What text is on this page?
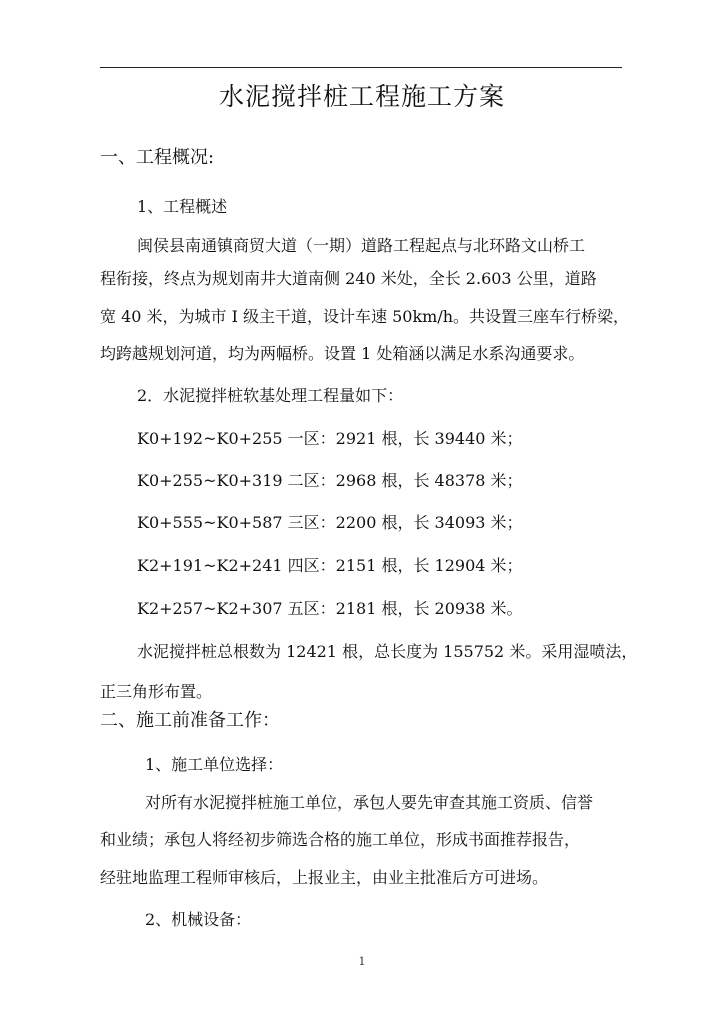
水泥搅拌桩工程施工方案
一、工程概况:
1、工程概述
闽侯县南通镇商贸大道（一期）道路工程起点与北环路文山桥工
程衔接，终点为规划南井大道南侧 240 米处，全长 2.603 公里，道路
宽 40 米，为城市 I 级主干道，设计车速 50km/h。共设置三座车行桥梁，
均跨越规划河道，均为两幅桥。设置 1 处箱涵以满足水系沟通要求。
2．水泥搅拌桩软基处理工程量如下：
K0+192~K0+255 一区：2921 根，长 39440 米；
K0+255~K0+319 二区：2968 根，长 48378 米；
K0+555~K0+587 三区：2200 根，长 34093 米；
K2+191~K2+241 四区：2151 根，长 12904 米；
K2+257~K2+307 五区：2181 根，长 20938 米。
水泥搅拌桩总根数为 12421 根，总长度为 155752 米。采用湿喷法，
正三角形布置。
二、施工前准备工作：
1、施工单位选择：
对所有水泥搅拌桩施工单位，承包人要先审查其施工资质、信誉
和业绩；承包人将经初步筛选合格的施工单位，形成书面推荐报告，
经驻地监理工程师审核后，上报业主，由业主批准后方可进场。
2、机械设备：
1
